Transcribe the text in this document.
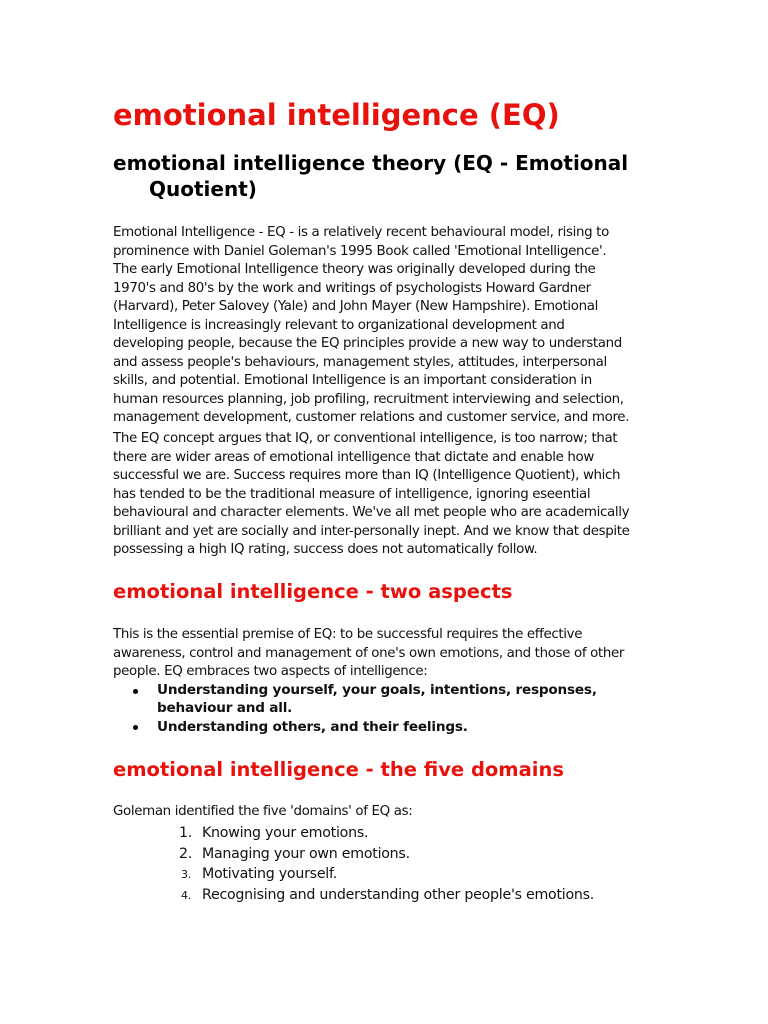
emotional intelligence (EQ)
emotional intelligence theory (EQ - Emotional Quotient)

Emotional Intelligence - EQ - is a relatively recent behavioural model, rising to prominence with Daniel Goleman's 1995 Book called 'Emotional Intelligence'. The early Emotional Intelligence theory was originally developed during the 1970's and 80's by the work and writings of psychologists Howard Gardner (Harvard), Peter Salovey (Yale) and John Mayer (New Hampshire). Emotional Intelligence is increasingly relevant to organizational development and developing people, because the EQ principles provide a new way to understand and assess people's behaviours, management styles, attitudes, interpersonal skills, and potential. Emotional Intelligence is an important consideration in human resources planning, job profiling, recruitment interviewing and selection, management development, customer relations and customer service, and more.

The EQ concept argues that IQ, or conventional intelligence, is too narrow; that there are wider areas of emotional intelligence that dictate and enable how successful we are. Success requires more than IQ (Intelligence Quotient), which has tended to be the traditional measure of intelligence, ignoring eseential behavioural and character elements. We've all met people who are academically brilliant and yet are socially and inter-personally inept. And we know that despite possessing a high IQ rating, success does not automatically follow.

emotional intelligence - two aspects

This is the essential premise of EQ: to be successful requires the effective awareness, control and management of one's own emotions, and those of other people. EQ embraces two aspects of intelligence:

Understanding yourself, your goals, intentions, responses, behaviour and all.
Understanding others, and their feelings.
emotional intelligence - the five domains

Goleman identified the five 'domains' of EQ as:

1. Knowing your emotions.
2. Managing your own emotions.
3. Motivating yourself.
4. Recognising and understanding other people's emotions.
